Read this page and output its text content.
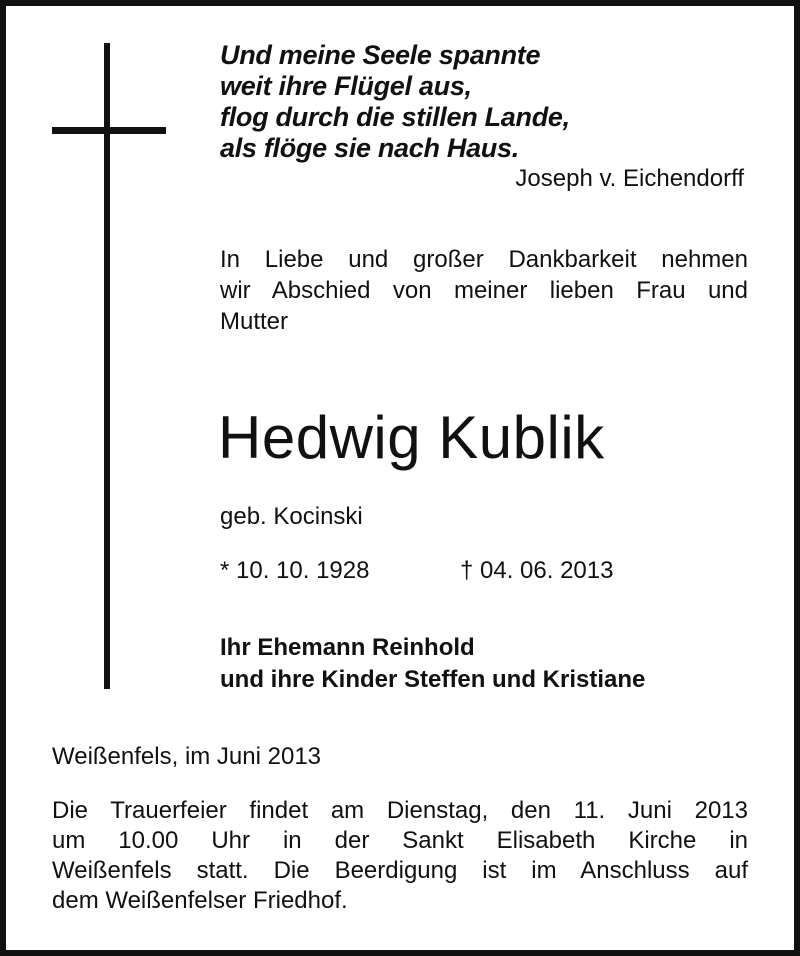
Und meine Seele spannte
weit ihre Flügel aus,
flog durch die stillen Lande,
als flöge sie nach Haus.
Joseph v. Eichendorff
In Liebe und großer Dankbarkeit nehmen
wir Abschied von meiner lieben Frau und
Mutter
Hedwig Kublik
geb. Kocinski
* 10. 10. 1928	† 04. 06. 2013
Ihr Ehemann Reinhold
und ihre Kinder Steffen und Kristiane
Weißenfels, im Juni 2013
Die Trauerfeier findet am Dienstag, den 11. Juni 2013
um 10.00 Uhr in der Sankt Elisabeth Kirche in
Weißenfels statt. Die Beerdigung ist im Anschluss auf
dem Weißenfelser Friedhof.
